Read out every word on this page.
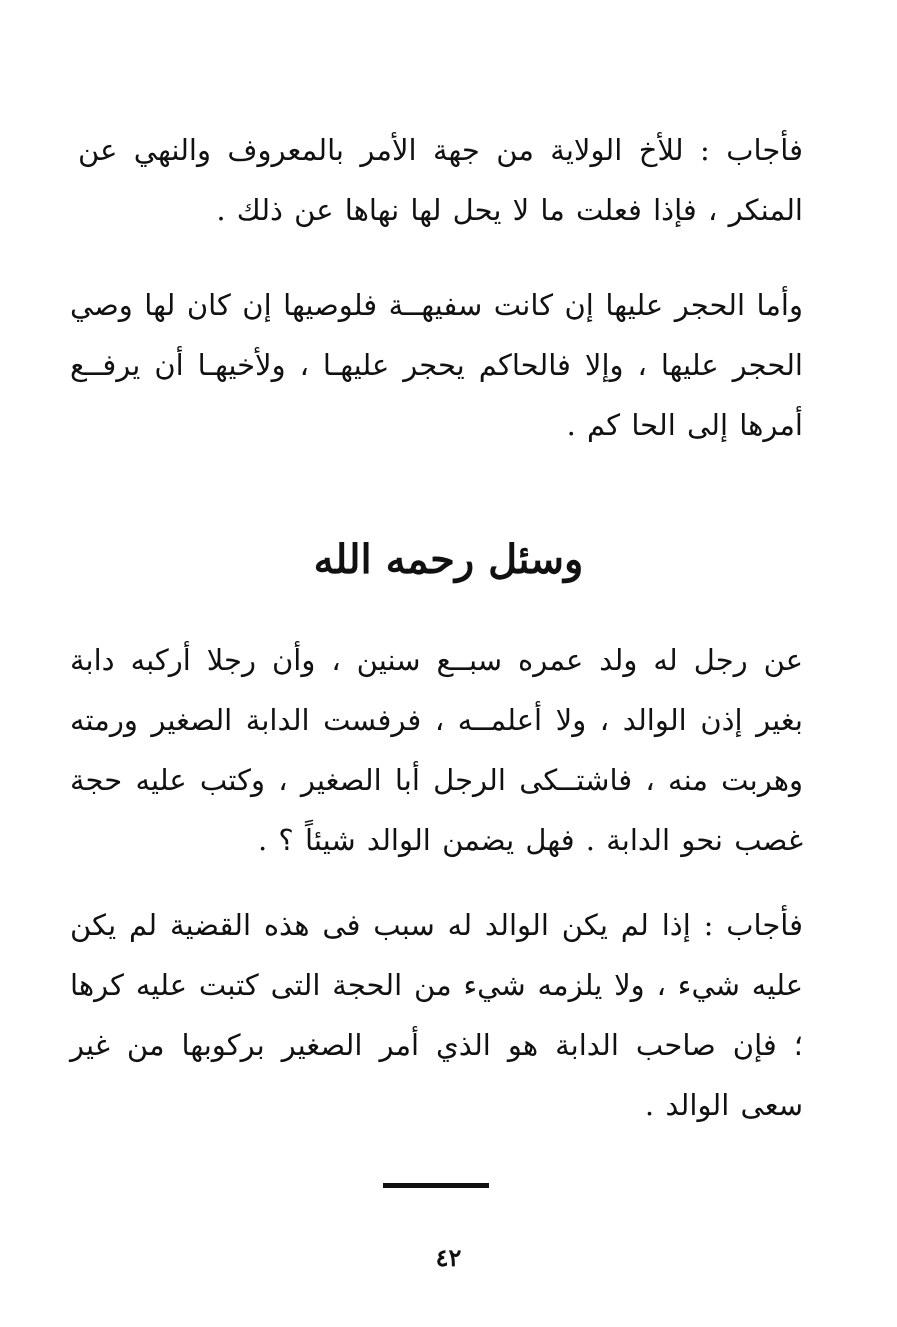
فأجاب : للأخ الولاية من جهة الأمر بالمعروف والنهي عن المنكر ، فإذا فعلت ما لا يحل لها نهاها عن ذلك .

وأما الحجر عليها إن كانت سفيهــة فلوصيها إن كان لها وصي الحجر عليها ، وإلا فالحاكم يحجر عليهـا ، ولأخيهـا أن يرفــع أمرها إلى الحا كم .

وسئل رحمه الله

عن رجل له ولد عمره سبــع سنين ، وأن رجلا أركبه دابة بغير إذن الوالد ، ولا أعلمــه ، فرفست الدابة الصغير ورمته وهربت منه ، فاشتــكى الرجل أبا الصغير ، وكتب عليه حجة غصب نحو الدابة . فهل يضمن الوالد شيئاً ؟ .

فأجاب : إذا لم يكن الوالد له سبب فى هذه القضية لم يكن عليه شيء ، ولا يلزمه شيء من الحجة التى كتبت عليه كرها ؛ فإن صاحب الدابة هو الذي أمر الصغير بركوبها من غير سعى الوالد .

٤٢
